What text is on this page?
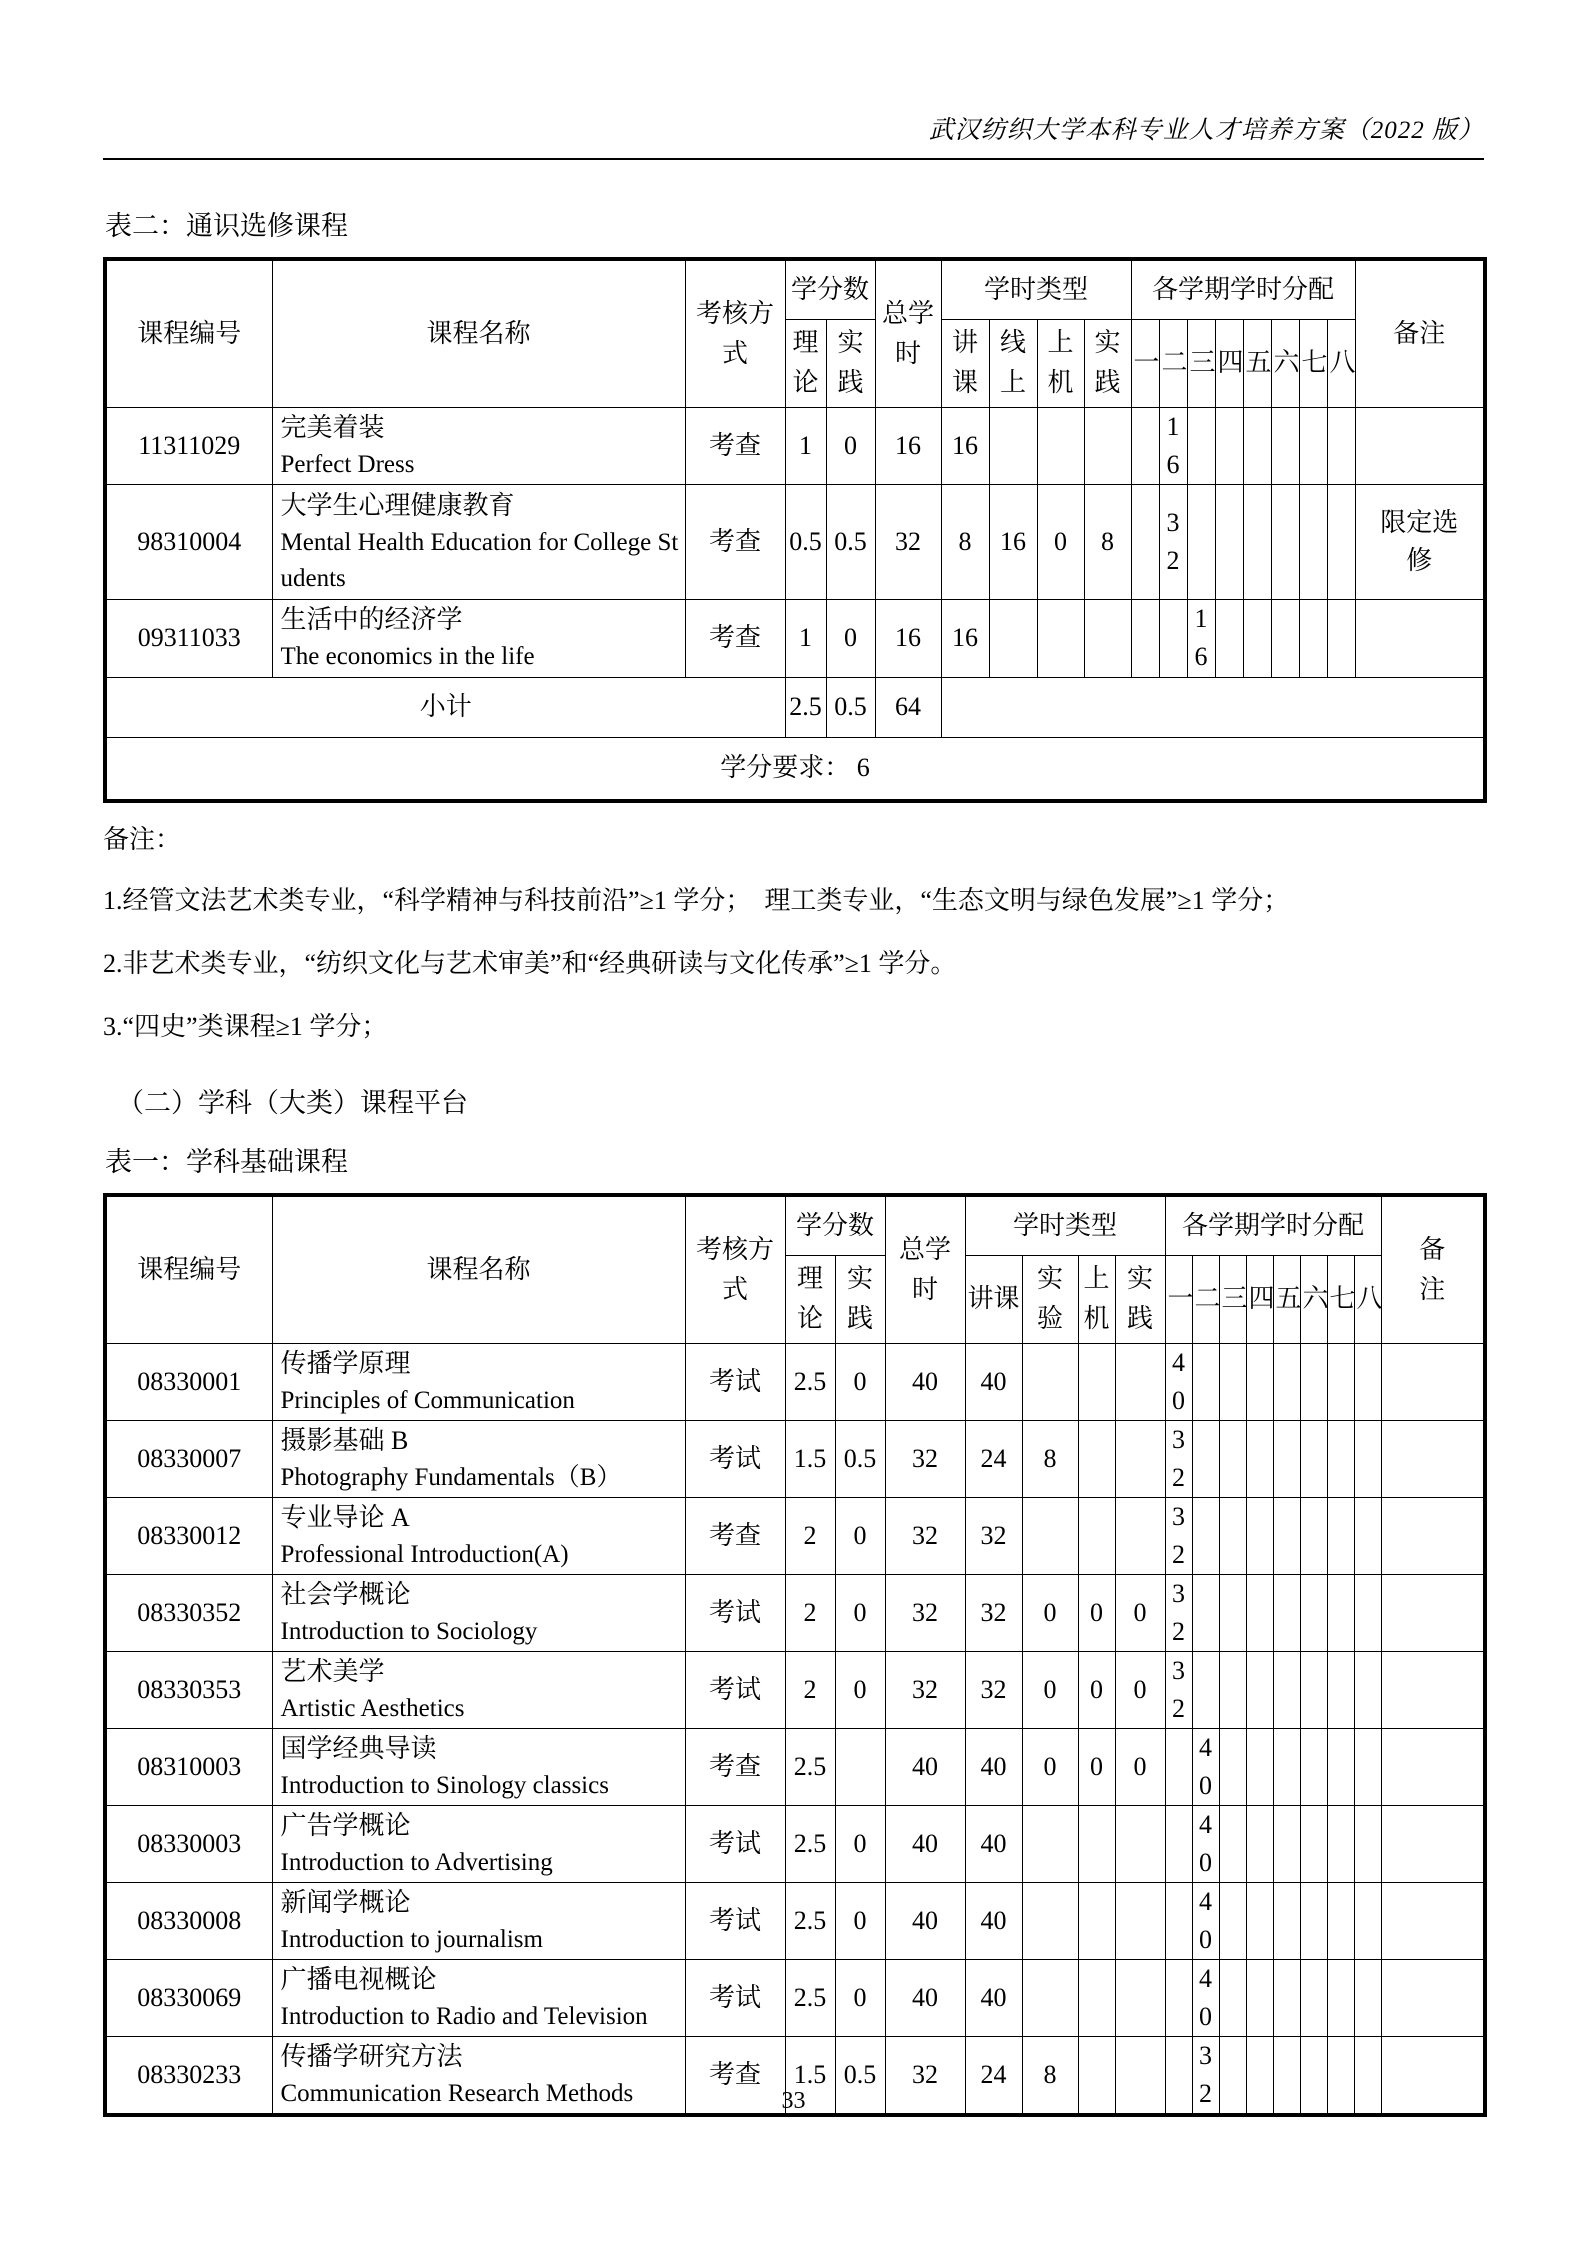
武汉纺织大学本科专业人才培养方案（2022 版）
表二：通识选修课程
课程编号	课程名称	考核方式	学分数		总学时	学时类型				各学期学时分配								备注
			理论	实践		讲课	线上	上机	实践	一	二	三	四	五	六	七	八	
11311029	完美着装
Perfect Dress	考查	1	0	16	16					16							
98310004	大学生心理健康教育
Mental Health Education for College Students	考查	0.5	0.5	32	8	16	0	8		32							限定选修
09311033	生活中的经济学
The economics in the life	考查	1	0	16	16						16						
小计			2.5	0.5	64													
学分要求： 6																		
备注：
1.经管文法艺术类专业，“科学精神与科技前沿”≥1 学分；  理工类专业，“生态文明与绿色发展”≥1 学分；
2.非艺术类专业，“纺织文化与艺术审美”和“经典研读与文化传承”≥1 学分。
3.“四史”类课程≥1 学分；
（二）学科（大类）课程平台
表一：学科基础课程
课程编号	课程名称	考核方式	学分数		总学时	学时类型				各学期学时分配								备注
			理论	实践		讲课	实验	上机	实践	一	二	三	四	五	六	七	八	
08330001	传播学原理
Principles of Communication	考试	2.5	0	40	40				40								
08330007	摄影基础 B
Photography Fundamentals（B）	考试	1.5	0.5	32	24	8			32								
08330012	专业导论 A
Professional Introduction(A)	考查	2	0	32	32				32								
08330352	社会学概论
Introduction to Sociology	考试	2	0	32	32	0	0	0	32								
08330353	艺术美学
Artistic Aesthetics	考试	2	0	32	32	0	0	0	32								
08310003	国学经典导读
Introduction to Sinology classics	考查	2.5		40	40	0	0	0		40							
08330003	广告学概论
Introduction to Advertising	考试	2.5	0	40	40					40							
08330008	新闻学概论
Introduction to journalism	考试	2.5	0	40	40					40							
08330069	广播电视概论
Introduction to Radio and Television	考试	2.5	0	40	40					40							
08330233	传播学研究方法
Communication Research Methods	考查	1.5	0.5	32	24	8				32							
33
